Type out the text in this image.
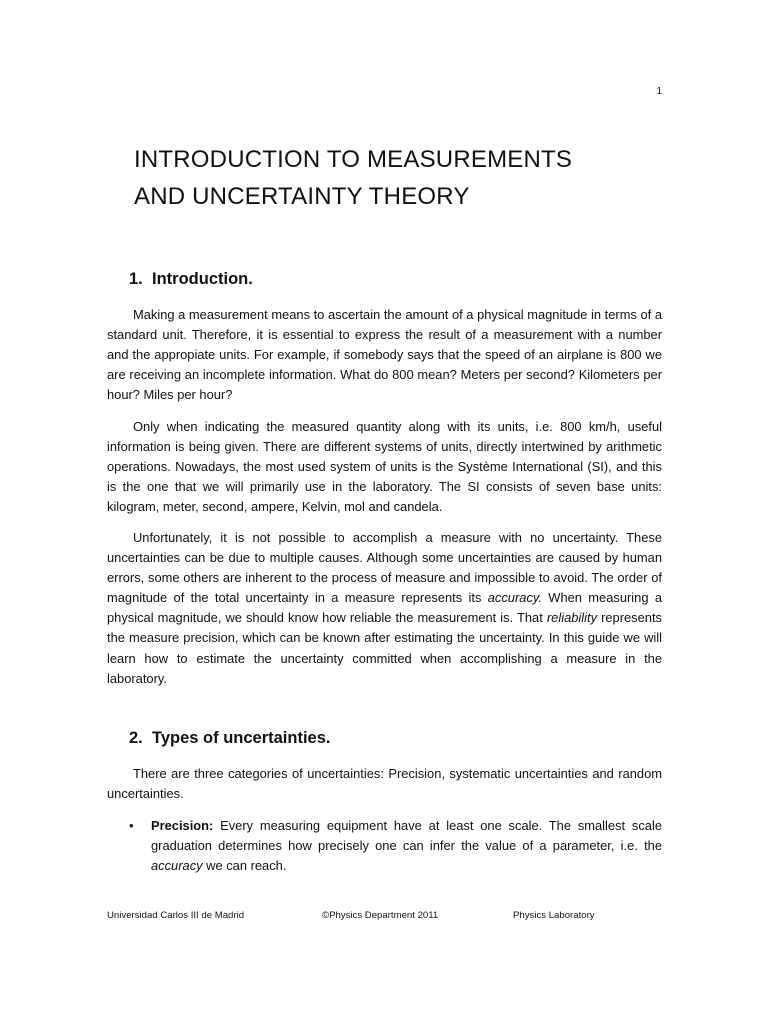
1
INTRODUCTION TO MEASUREMENTS
AND UNCERTAINTY THEORY
1. Introduction.

Making a measurement means to ascertain the amount of a physical magnitude in terms of a standard unit. Therefore, it is essential to express the result of a measurement with a number and the appropiate units. For example, if somebody says that the speed of an airplane is 800 we are receiving an incomplete information. What do 800 mean? Meters per second? Kilometers per hour? Miles per hour?

Only when indicating the measured quantity along with its units, i.e. 800 km/h, useful information is being given. There are different systems of units, directly intertwined by arithmetic operations. Nowadays, the most used system of units is the Système International (SI), and this is the one that we will primarily use in the laboratory. The SI consists of seven base units: kilogram, meter, second, ampere, Kelvin, mol and candela.

Unfortunately, it is not possible to accomplish a measure with no uncertainty. These uncertainties can be due to multiple causes. Although some uncertainties are caused by human errors, some others are inherent to the process of measure and impossible to avoid. The order of magnitude of the total uncertainty in a measure represents its accuracy. When measuring a physical magnitude, we should know how reliable the measurement is. That reliability represents the measure precision, which can be known after estimating the uncertainty. In this guide we will learn how to estimate the uncertainty committed when accomplishing a measure in the laboratory.

2. Types of uncertainties.

There are three categories of uncertainties: Precision, systematic uncertainties and random uncertainties.

• Precision: Every measuring equipment have at least one scale. The smallest scale graduation determines how precisely one can infer the value of a parameter, i.e. the accuracy we can reach.
Universidad Carlos III de Madrid	©Physics Department 2011	Physics Laboratory
